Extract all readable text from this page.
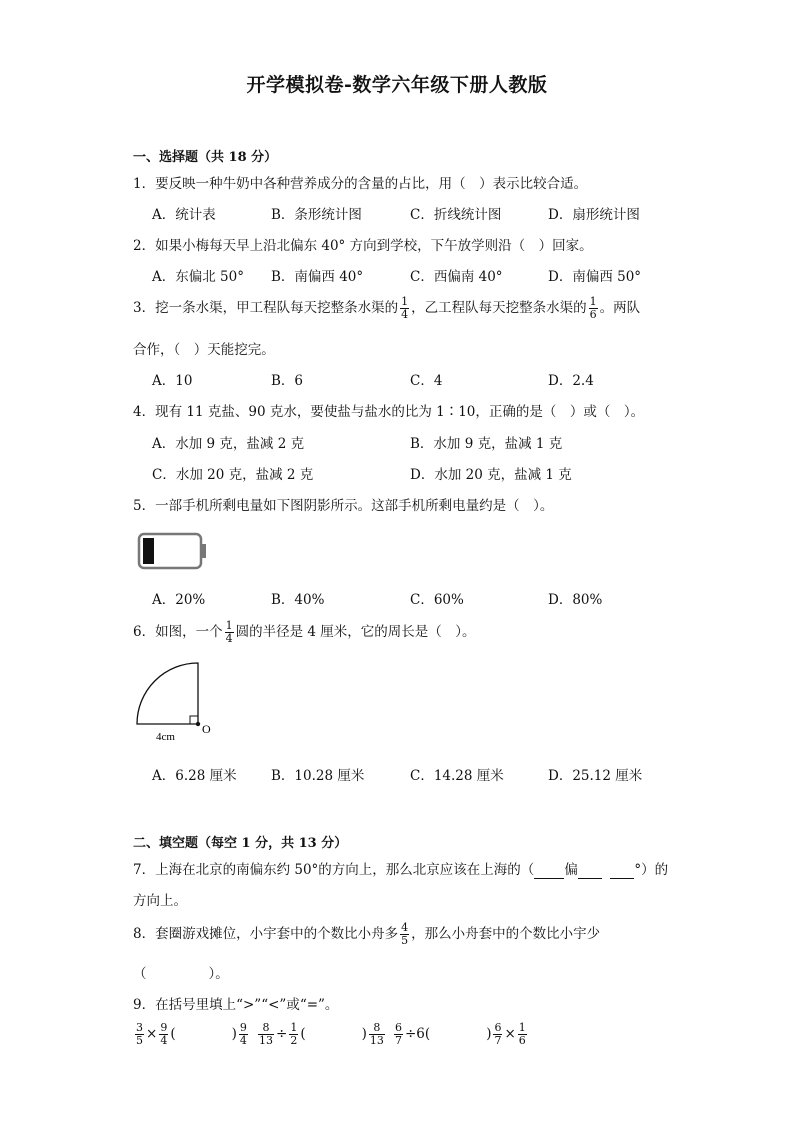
开学模拟卷-数学六年级下册人教版
一、选择题（共 18 分）
1．要反映一种牛奶中各种营养成分的含量的占比，用（　）表示比较合适。
A．统计表	B．条形统计图	C．折线统计图	D．扇形统计图
2．如果小梅每天早上沿北偏东 40° 方向到学校，下午放学则沿（　）回家。
A．东偏北 50° B．南偏西 40°	C．西偏南 40°	D．南偏西 50°
3．挖一条水渠，甲工程队每天挖整条水渠的 $\frac{1}{4}$ ，乙工程队每天挖整条水渠的 $\frac{1}{6}$ 。两队
合作，（　）天能挖完。
A．10	B．6	C．4	D．2.4
4．现有 11 克盐、90 克水，要使盐与盐水的比为 1∶10，正确的是（　）或（　）。
A．水加 9 克，盐减 2 克	B．水加 9 克，盐减 1 克
C．水加 20 克，盐减 2 克	D．水加 20 克，盐减 1 克
5．一部手机所剩电量如下图阴影所示。这部手机所剩电量约是（　）。
A．20%	B．40%	C．60%	D．80%
6．如图，一个 $\frac{1}{4}$ 圆的半径是 4 厘米，它的周长是（　）。
4cm
O
A．6.28 厘米	B．10.28 厘米	C．14.28 厘米	D．25.12 厘米
二、填空题（每空 1 分，共 13 分）
7．上海在北京的南偏东约 50°的方向上，那么北京应该在上海的（ 偏	°）的
方向上。
8．套圈游戏摊位，小宇套中的个数比小舟多 $\frac{4}{5}$ ，那么小舟套中的个数比小宇少
（	）。
9．在括号里填上“>”“<”或“=”。
$\frac{3}{5} \times \frac{9}{4}$ (	) $\frac{9}{4} \frac{8}{13} \div \frac{1}{2}$ (	) $\frac{8}{13} \frac{6}{7} \div 6$(	) $\frac{6}{7} \times \frac{1}{6}$
